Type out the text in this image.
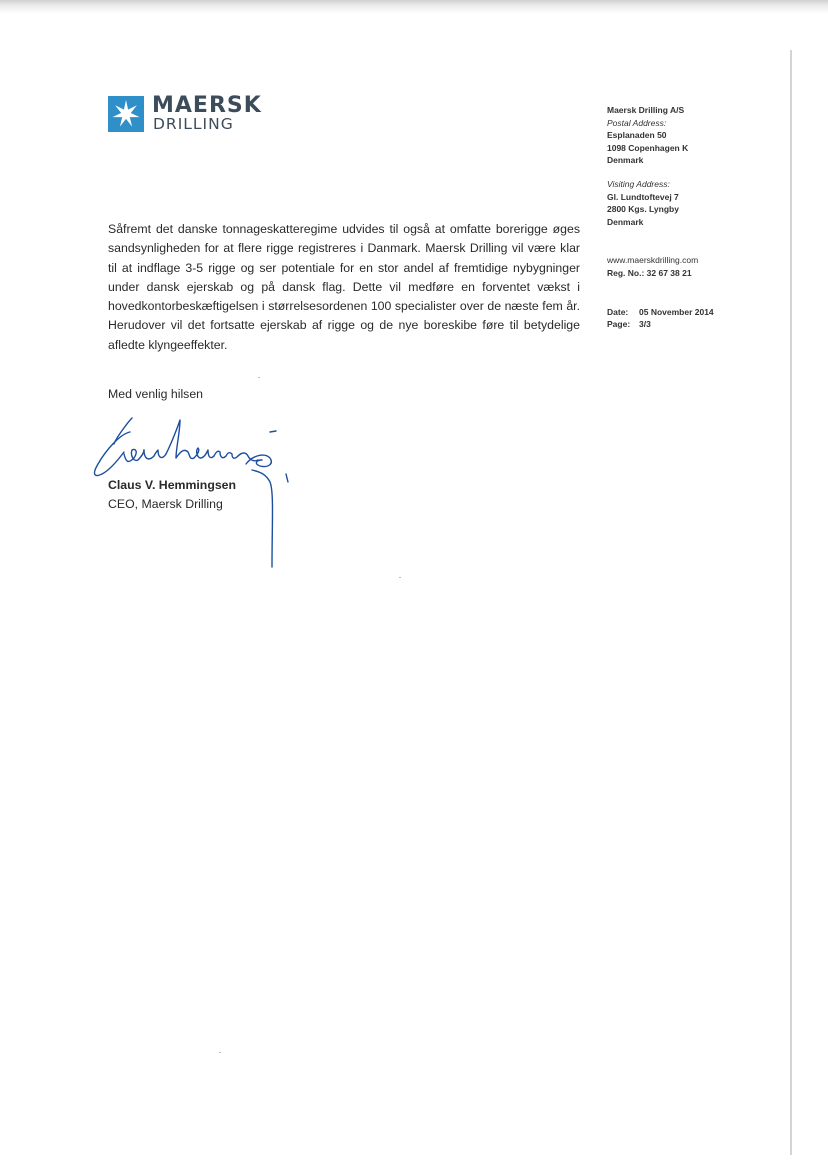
MAERSK
DRILLING
Maersk Drilling A/S
Postal Address:
Esplanaden 50
1098 Copenhagen K
Denmark
Visiting Address:
Gl. Lundtoftevej 7
2800 Kgs. Lyngby
Denmark
www.maerskdrilling.com
Reg. No.: 32 67 38 21
Date:	05 November 2014
Page:	3/3

Såfremt det danske tonnageskatteregime udvides til også at omfatte borerigge øges sandsynligheden for at flere rigge registreres i Danmark. Maersk Drilling vil være klar til at indflage 3-5 rigge og ser potentiale for en stor andel af fremtidige nybygninger under dansk ejerskab og på dansk flag. Dette vil medføre en forventet vækst i hovedkontorbeskæftigelsen i størrelsesordenen 100 specialister over de næste fem år. Herudover vil det fortsatte ejerskab af rigge og de nye boreskibe føre til betydelige afledte klyngeeffekter.

Med venlig hilsen
Claus V. Hemmingsen
CEO, Maersk Drilling
